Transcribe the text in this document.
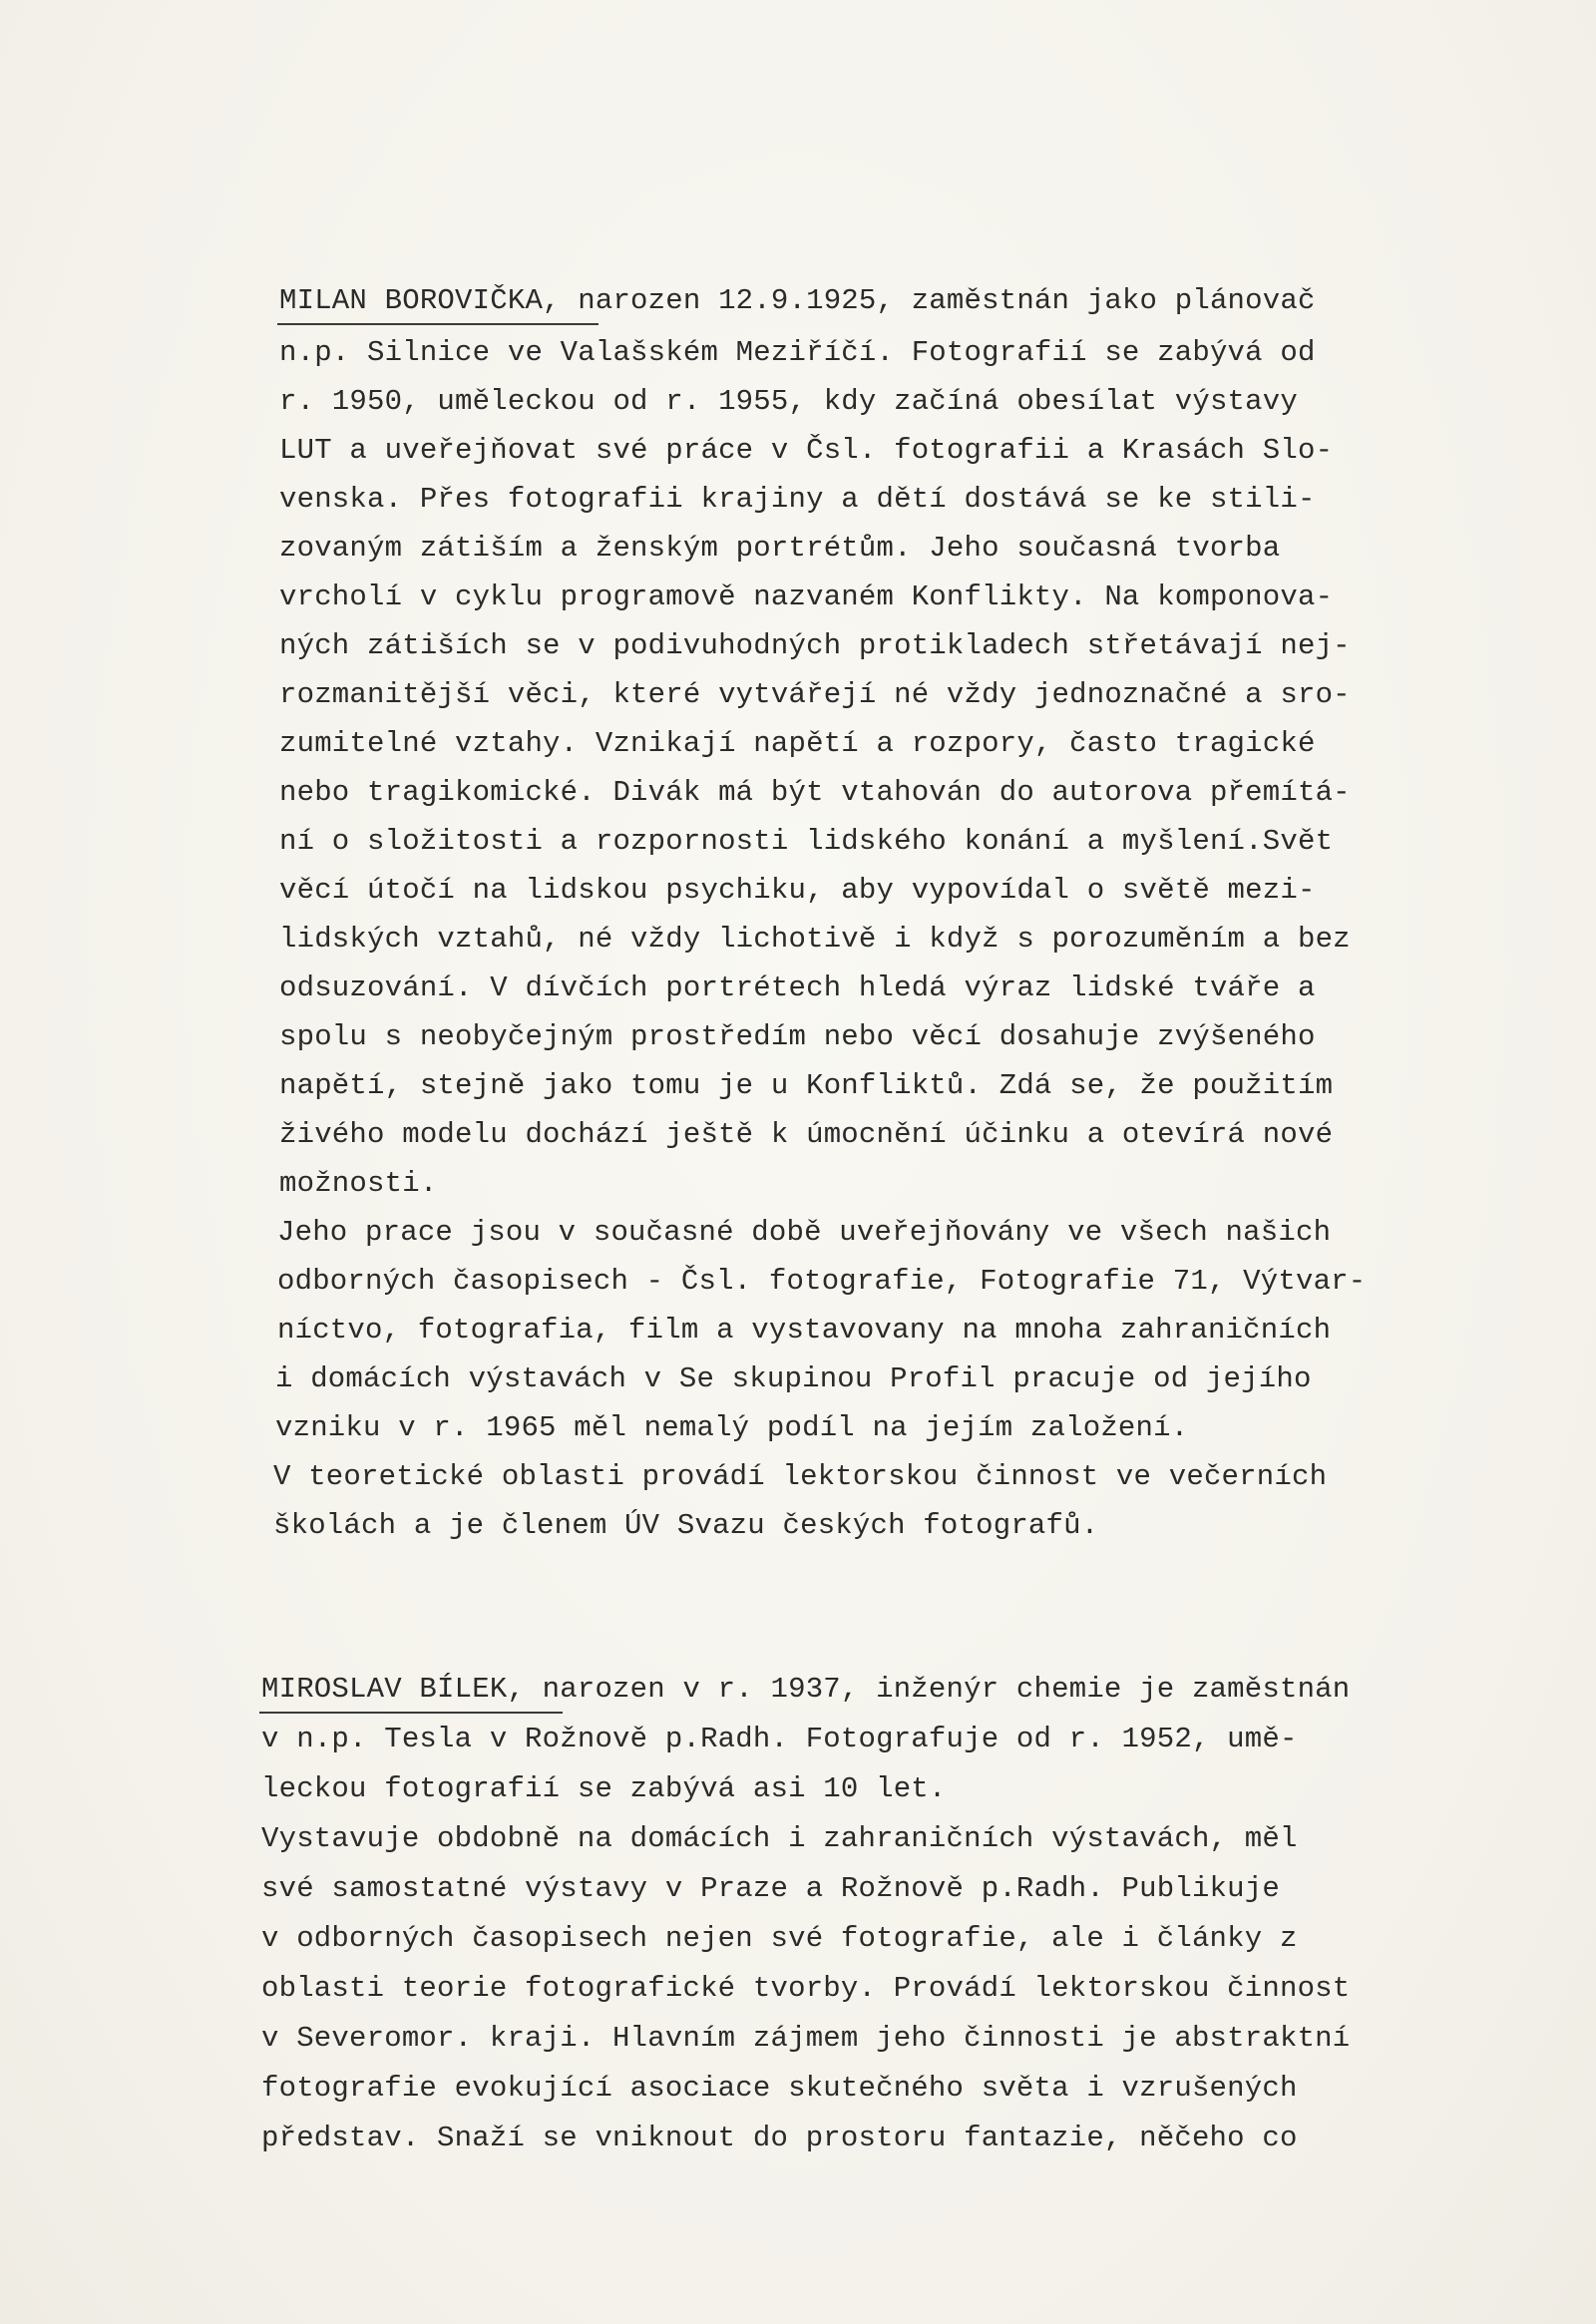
MILAN BOROVIČKA, narozen 12.9.1925, zaměstnán jako plánovač
n.p. Silnice ve Valašském Meziříčí. Fotografií se zabývá od
r. 1950, uměleckou od r. 1955, kdy začíná obesílat výstavy
LUT a uveřejňovat své práce v Čsl. fotografii a Krasách Slo-
venska. Přes fotografii krajiny a dětí dostává se ke stili-
zovaným zátiším a ženským portrétům. Jeho současná tvorba
vrcholí v cyklu programově nazvaném Konflikty. Na komponova-
ných zátiších se v podivuhodných protikladech střetávají nej-
rozmanitější věci, které vytvářejí né vždy jednoznačné a sro-
zumitelné vztahy. Vznikají napětí a rozpory, často tragické
nebo tragikomické. Divák má být vtahován do autorova přemítá-
ní o složitosti a rozpornosti lidského konání a myšlení.Svět
věcí útočí na lidskou psychiku, aby vypovídal o světě mezi-
lidských vztahů, né vždy lichotivě i když s porozuměním a bez
odsuzování. V dívčích portrétech hledá výraz lidské tváře a
spolu s neobyčejným prostředím nebo věcí dosahuje zvýšeného
napětí, stejně jako tomu je u Konfliktů. Zdá se, že použitím
živého modelu dochází ještě k úmocnění účinku a otevírá nové
možnosti.
Jeho prace jsou v současné době uveřejňovány ve všech našich
odborných časopisech - Čsl. fotografie, Fotografie 71, Výtvar-
níctvo, fotografia, film a vystavovany na mnoha zahraničních
i domácích výstavách v Se skupinou Profil pracuje od jejího
vzniku v r. 1965 měl nemalý podíl na jejím založení.
V teoretické oblasti provádí lektorskou činnost ve večerních
školách a je členem ÚV Svazu českých fotografů.
MIROSLAV BÍLEK, narozen v r. 1937, inženýr chemie je zaměstnán
v n.p. Tesla v Rožnově p.Radh. Fotografuje od r. 1952, umě-
leckou fotografií se zabývá asi 10 let.
Vystavuje obdobně na domácích i zahraničních výstavách, měl
své samostatné výstavy v Praze a Rožnově p.Radh. Publikuje
v odborných časopisech nejen své fotografie, ale i články z
oblasti teorie fotografické tvorby. Provádí lektorskou činnost
v Severomor. kraji. Hlavním zájmem jeho činnosti je abstraktní
fotografie evokující asociace skutečného světa i vzrušených
představ. Snaží se vniknout do prostoru fantazie, něčeho co
